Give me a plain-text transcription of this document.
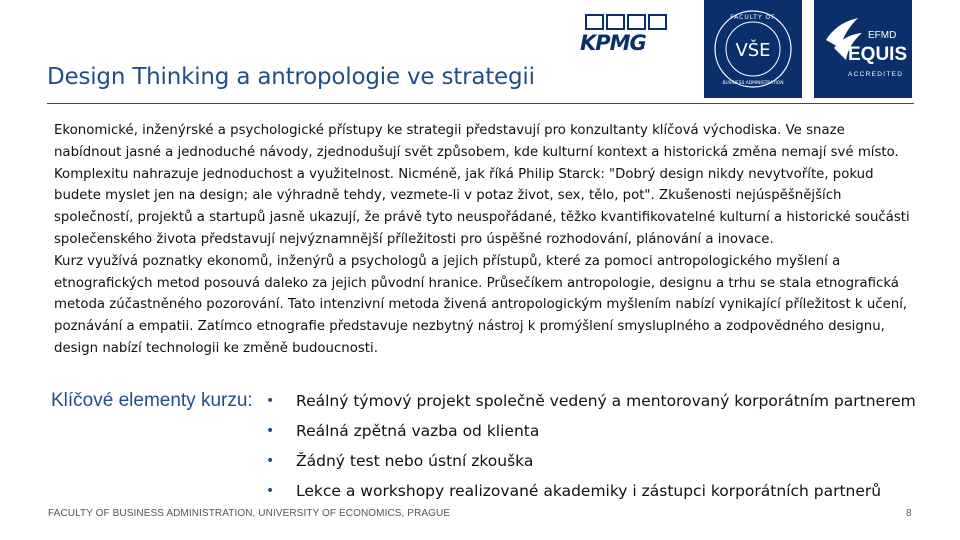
KPMG	VŠE
FACULTY OF
BUSINESS ADMINISTRATION
EFMD
EQUIS
ACCREDITED
Design Thinking a antropologie ve strategii

Ekonomické, inženýrské a psychologické přístupy ke strategii představují pro konzultanty klíčová východiska. Ve snaze nabídnout jasné a jednoduché návody, zjednodušují svět způsobem, kde kulturní kontext a historická změna nemají své místo. Komplexitu nahrazuje jednoduchost a využitelnost. Nicméně, jak říká Philip Starck: "Dobrý design nikdy nevytvoříte, pokud budete myslet jen na design; ale výhradně tehdy, vezmete-li v potaz život, sex, tělo, pot". Zkušenosti nejúspěšnějších společností, projektů a startupů jasně ukazují, že právě tyto neuspořádané, těžko kvantifikovatelné kulturní a historické součásti společenského života představují nejvýznamnější příležitosti pro úspěšné rozhodování, plánování a inovace.

Kurz využívá poznatky ekonomů, inženýrů a psychologů a jejich přístupů, které za pomoci antropologického myšlení a etnografických metod posouvá daleko za jejich původní hranice. Průsečíkem antropologie, designu a trhu se stala etnografická metoda zúčastněného pozorování. Tato intenzivní metoda živená antropologickým myšlením nabízí vynikající příležitost k učení, poznávání a empatii. Zatímco etnografie představuje nezbytný nástroj k promýšlení smysluplného a zodpovědného designu, design nabízí technologii ke změně budoucnosti.

Klíčové elementy kurzu: • Reálný týmový projekt společně vedený a mentorovaný korporátním partnerem
• Reálná zpětná vazba od klienta
• Žádný test nebo ústní zkouška
• Lekce a workshopy realizované akademiky i zástupci korporátních partnerů
FACULTY OF BUSINESS ADMINISTRATION, UNIVERSITY OF ECONOMICS, PRAGUE	8
